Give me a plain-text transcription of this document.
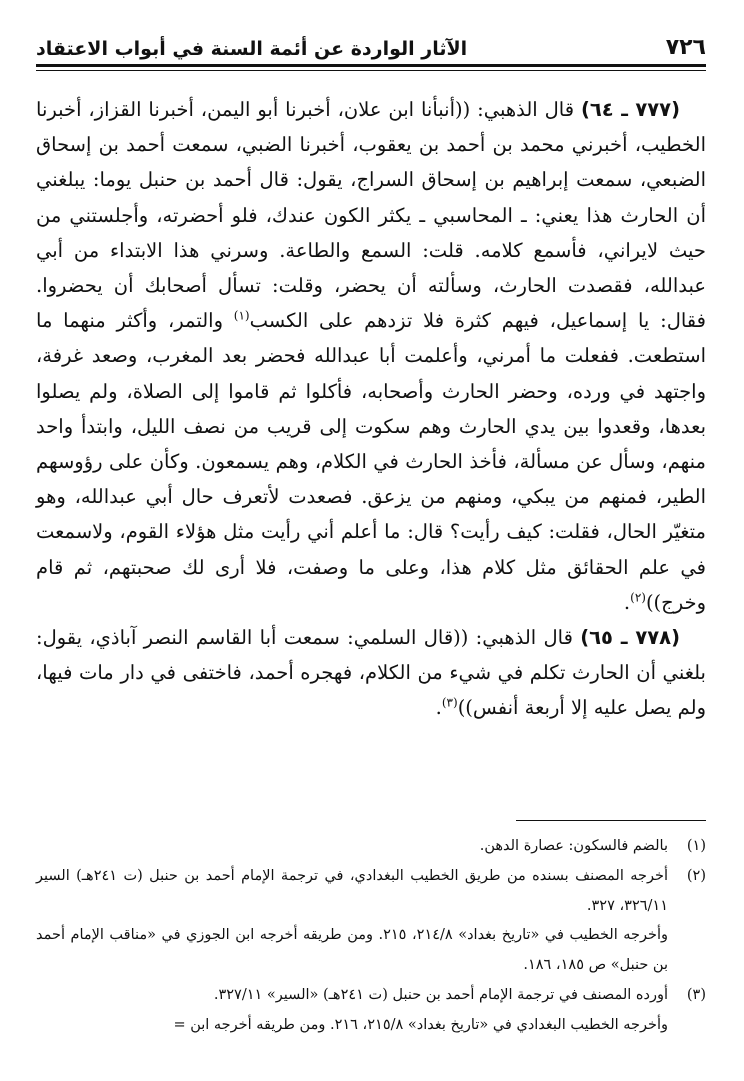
٧٢٦
الآثار الواردة عن أئمة السنة في أبواب الاعتقاد

(٧٧٧ ـ ٦٤) قال الذهبي: ((أنبأنا ابن علان، أخبرنا أبو اليمن، أخبرنا القزاز، أخبرنا الخطيب، أخبرني محمد بن أحمد بن يعقوب، أخبرنا الضبي، سمعت أحمد بن إسحاق الضبعي، سمعت إبراهيم بن إسحاق السراج، يقول: قال أحمد بن حنبل يوما: يبلغني أن الحارث هذا يعني: ـ المحاسبي ـ يكثر الكون عندك، فلو أحضرته، وأجلستني من حيث لايراني، فأسمع كلامه. قلت: السمع والطاعة. وسرني هذا الابتداء من أبي عبدالله، فقصدت الحارث، وسألته أن يحضر، وقلت: تسأل أصحابك أن يحضروا. فقال: يا إسماعيل، فيهم كثرة فلا تزدهم على الكسب$^{(١)}$ والتمر، وأكثر منهما ما استطعت. ففعلت ما أمرني، وأعلمت أبا عبدالله فحضر بعد المغرب، وصعد غرفة، واجتهد في ورده، وحضر الحارث وأصحابه، فأكلوا ثم قاموا إلى الصلاة، ولم يصلوا بعدها، وقعدوا بين يدي الحارث وهم سكوت إلى قريب من نصف الليل، وابتدأ واحد منهم، وسأل عن مسألة، فأخذ الحارث في الكلام، وهم يسمعون. وكأن على رؤوسهم الطير، فمنهم من يبكي، ومنهم من يزعق. فصعدت لأتعرف حال أبي عبدالله، وهو متغيّر الحال، فقلت: كيف رأيت؟ قال: ما أعلم أني رأيت مثل هؤلاء القوم، ولاسمعت في علم الحقائق مثل كلام هذا، وعلى ما وصفت، فلا أرى لك صحبتهم، ثم قام وخرج))$^{(٢)}$.

(٧٧٨ ـ ٦٥) قال الذهبي: ((قال السلمي: سمعت أبا القاسم النصر آباذي، يقول: بلغني أن الحارث تكلم في شيء من الكلام، فهجره أحمد، فاختفى في دار مات فيها، ولم يصل عليه إلا أربعة أنفس))$^{(٣)}$.

(١)
بالضم فالسكون: عصارة الدهن.
(٢)
أخرجه المصنف بسنده من طريق الخطيب البغدادي، في ترجمة الإمام أحمد بن حنبل (ت ٢٤١هـ) السير ٣٢٦/١١، ٣٢٧.
وأخرجه الخطيب في «تاريخ بغداد» ٢١٤/٨، ٢١٥. ومن طريقه أخرجه ابن الجوزي في «مناقب الإمام أحمد بن حنبل» ص ١٨٥، ١٨٦.
(٣)
أورده المصنف في ترجمة الإمام أحمد بن حنبل (ت ٢٤١هـ) «السير» ٣٢٧/١١.
وأخرجه الخطيب البغدادي في «تاريخ بغداد» ٢١٥/٨، ٢١٦. ومن طريقه أخرجه ابن =
